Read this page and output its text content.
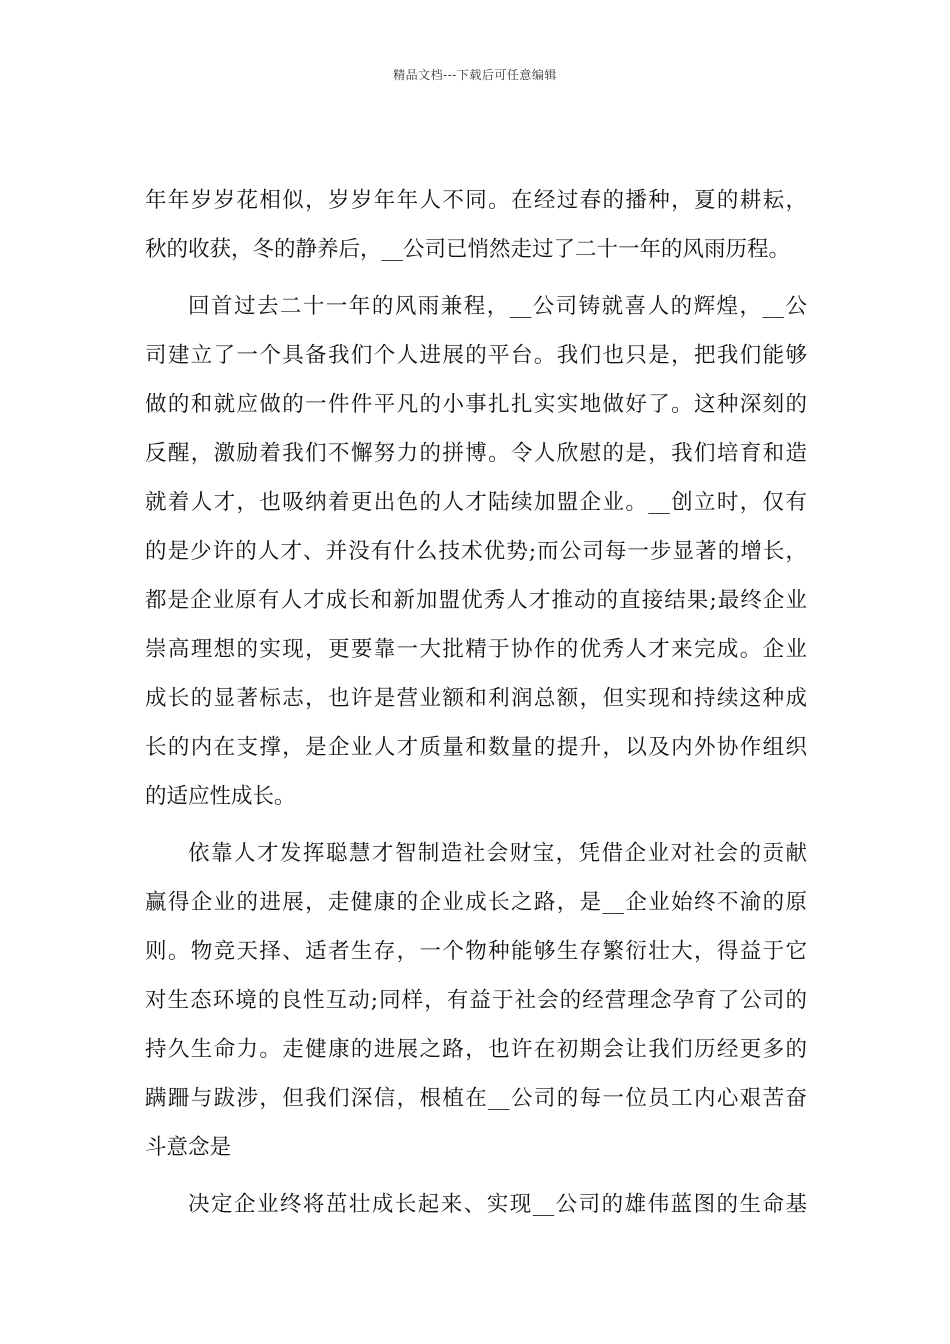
精品文档---下载后可任意编辑

年年岁岁花相似，岁岁年年人不同。在经过春的播种，夏的耕耘，
秋的收获，冬的静养后，__公司已悄然走过了二十一年的风雨历程。

回首过去二十一年的风雨兼程，__公司铸就喜人的辉煌，__公
司建立了一个具备我们个人进展的平台。我们也只是，把我们能够
做的和就应做的一件件平凡的小事扎扎实实地做好了。这种深刻的
反醒，激励着我们不懈努力的拼博。令人欣慰的是，我们培育和造
就着人才，也吸纳着更出色的人才陆续加盟企业。__创立时，仅有
的是少许的人才、并没有什么技术优势;而公司每一步显著的增长，
都是企业原有人才成长和新加盟优秀人才推动的直接结果;最终企业
崇高理想的实现，更要靠一大批精于协作的优秀人才来完成。企业
成长的显著标志，也许是营业额和利润总额，但实现和持续这种成
长的内在支撑，是企业人才质量和数量的提升，以及内外协作组织
的适应性成长。

依靠人才发挥聪慧才智制造社会财宝，凭借企业对社会的贡献
赢得企业的进展，走健康的企业成长之路，是__企业始终不渝的原
则。物竞天择、适者生存，一个物种能够生存繁衍壮大，得益于它
对生态环境的良性互动;同样，有益于社会的经营理念孕育了公司的
持久生命力。走健康的进展之路，也许在初期会让我们历经更多的
蹒跚与跋涉，但我们深信，根植在__公司的每一位员工内心艰苦奋
斗意念是

决定企业终将茁壮成长起来、实现__公司的雄伟蓝图的生命基
